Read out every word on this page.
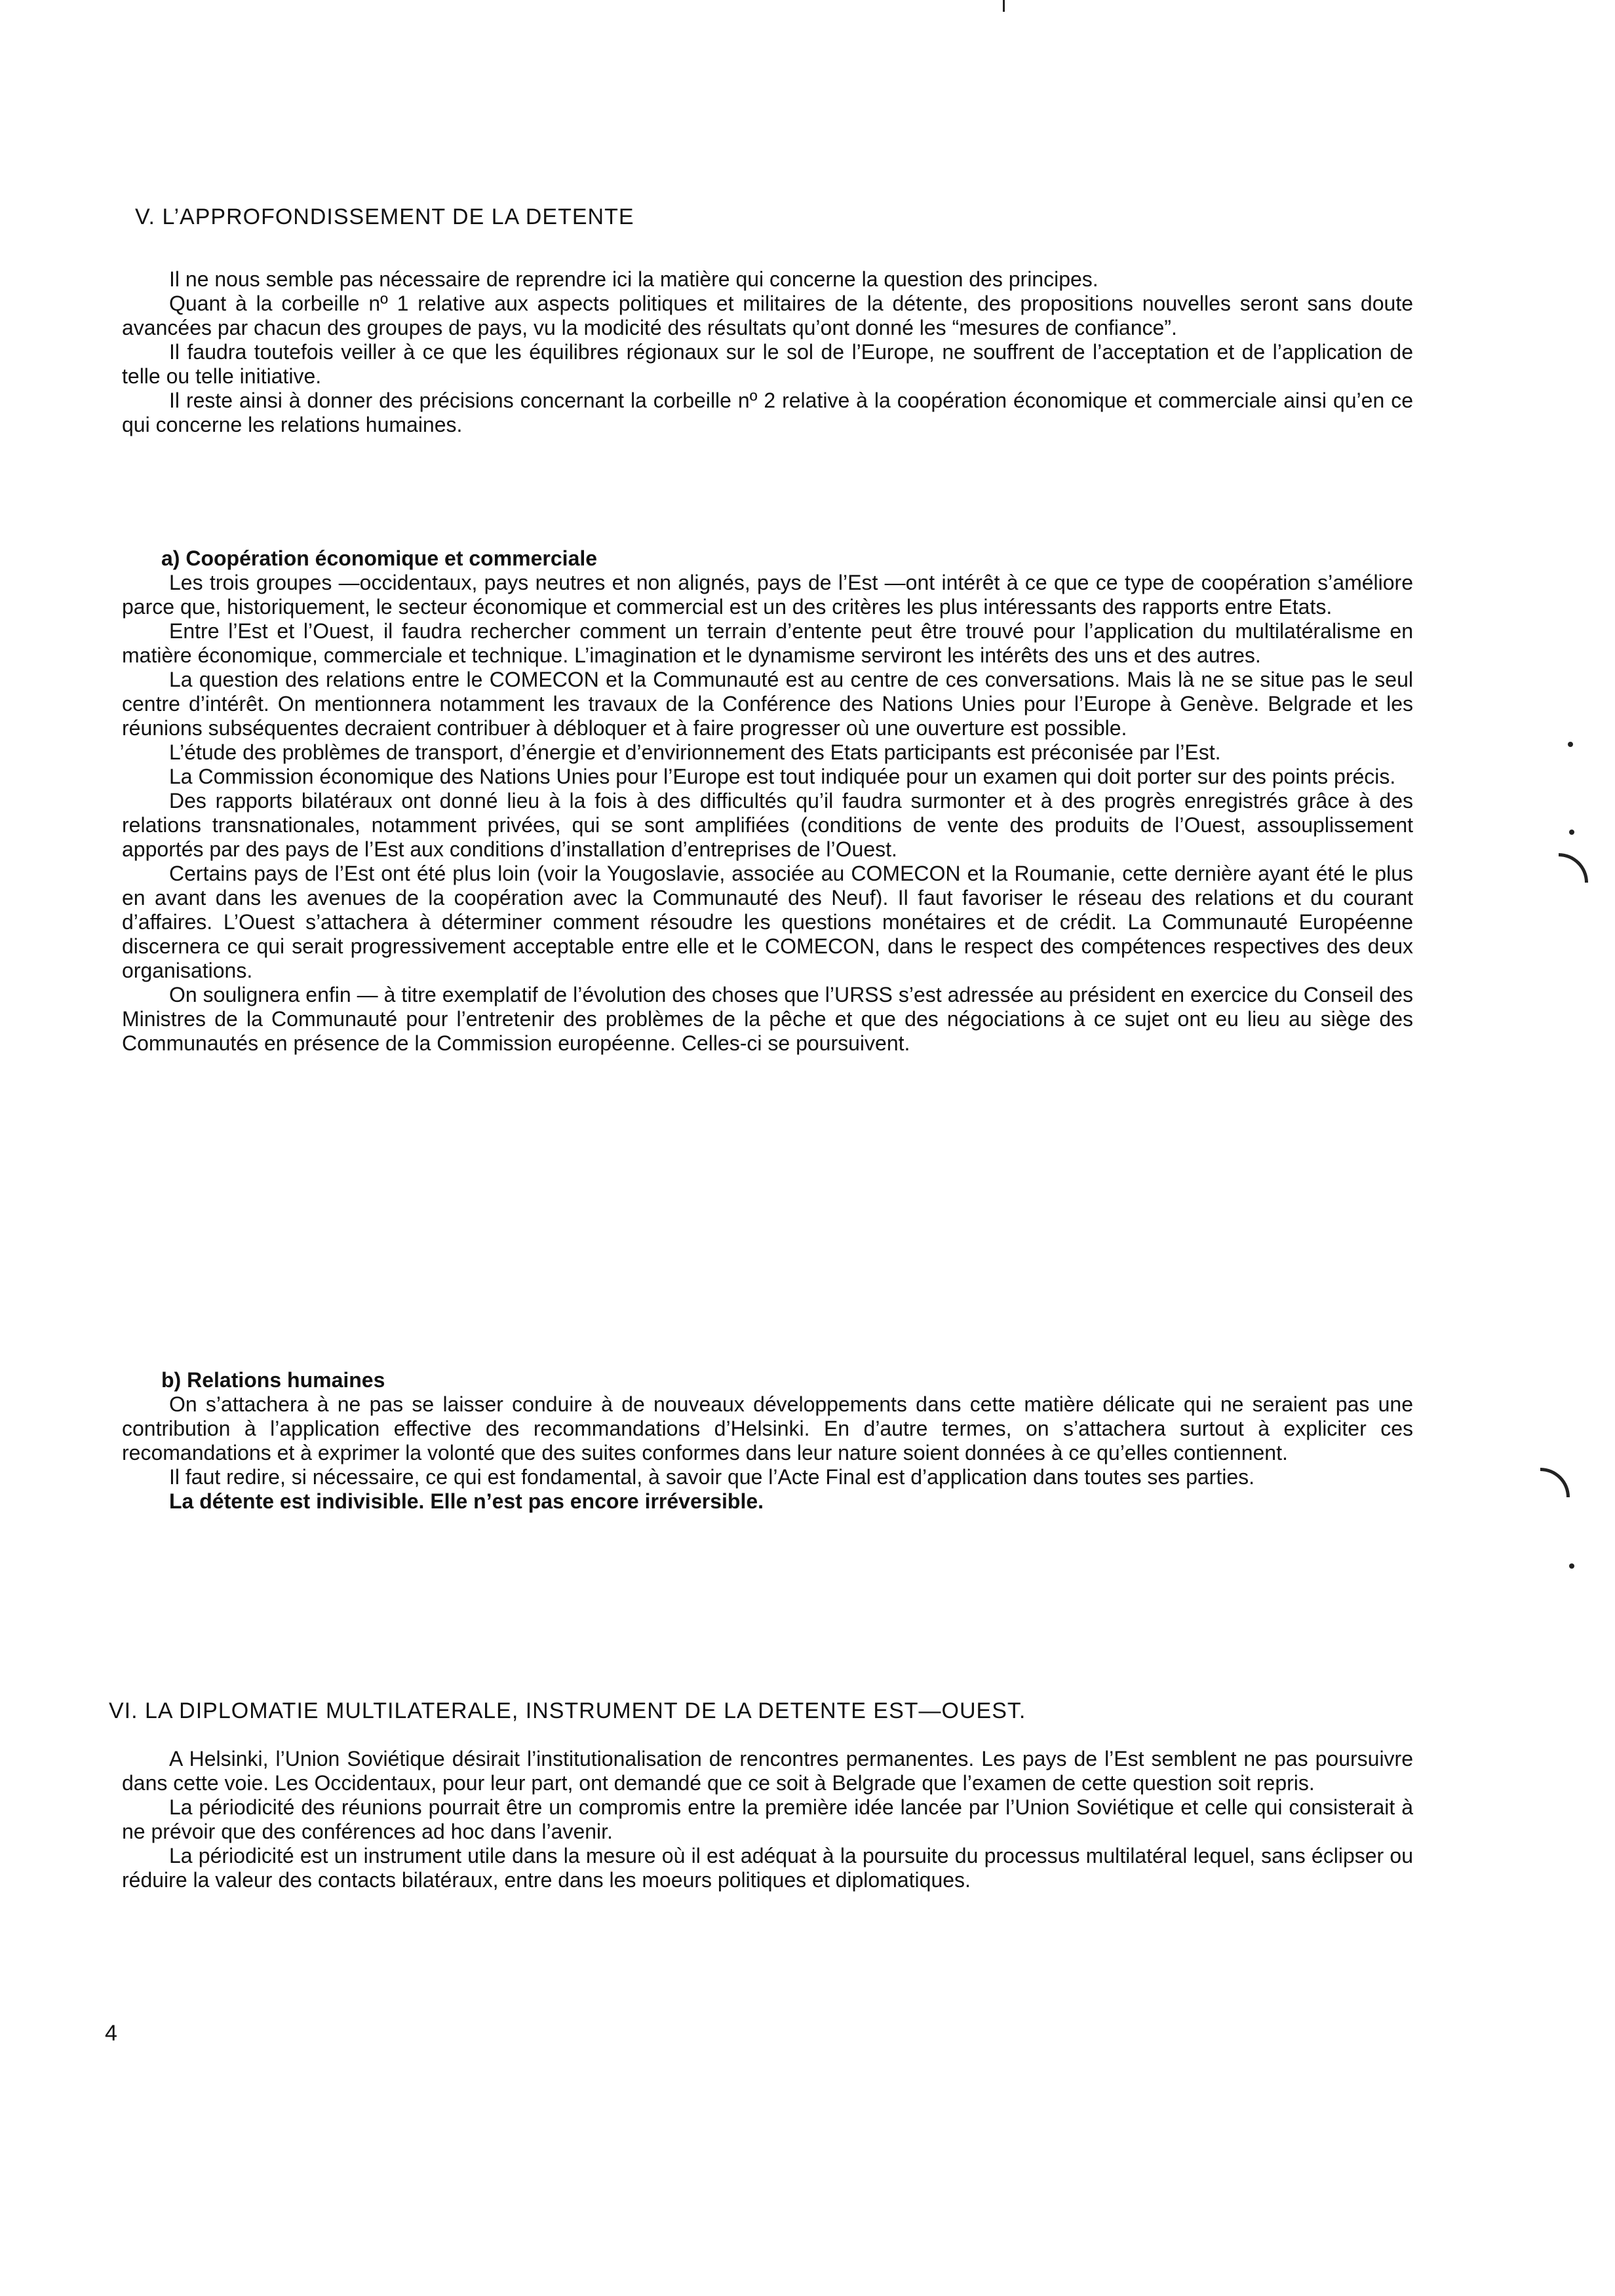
V. L’APPROFONDISSEMENT DE LA DETENTE

Il ne nous semble pas nécessaire de reprendre ici la matière qui concerne la question des principes.

Quant à la corbeille nº 1 relative aux aspects politiques et militaires de la détente, des propositions nouvelles seront sans doute avancées par chacun des groupes de pays, vu la modicité des résultats qu’ont donné les “mesures de confiance”.

Il faudra toutefois veiller à ce que les équilibres régionaux sur le sol de l’Europe, ne souffrent de l’acceptation et de l’application de telle ou telle initiative.

Il reste ainsi à donner des précisions concernant la corbeille nº 2 relative à la coopération économique et commerciale ainsi qu’en ce qui concerne les relations humaines.

a) Coopération économique et commerciale

Les trois groupes —occidentaux, pays neutres et non alignés, pays de l’Est —ont intérêt à ce que ce type de coopération s’améliore parce que, historiquement, le secteur économique et commercial est un des critères les plus intéressants des rapports entre Etats.

Entre l’Est et l’Ouest, il faudra rechercher comment un terrain d’entente peut être trouvé pour l’application du multilatéralisme en matière économique, commerciale et technique. L’imagination et le dynamisme serviront les intérêts des uns et des autres.

La question des relations entre le COMECON et la Communauté est au centre de ces conversations. Mais là ne se situe pas le seul centre d’intérêt. On mentionnera notamment les travaux de la Conférence des Nations Unies pour l’Europe à Genève. Belgrade et les réunions subséquentes decraient contribuer à débloquer et à faire progresser où une ouverture est possible.

L’étude des problèmes de transport, d’énergie et d’envirionnement des Etats participants est préconisée par l’Est.

La Commission économique des Nations Unies pour l’Europe est tout indiquée pour un examen qui doit porter sur des points précis.

Des rapports bilatéraux ont donné lieu à la fois à des difficultés qu’il faudra surmonter et à des progrès enregistrés grâce à des relations transnationales, notamment privées, qui se sont amplifiées (conditions de vente des produits de l’Ouest, assouplissement apportés par des pays de l’Est aux conditions d’installation d’entreprises de l’Ouest.

Certains pays de l’Est ont été plus loin (voir la Yougoslavie, associée au COMECON et la Roumanie, cette dernière ayant été le plus en avant dans les avenues de la coopération avec la Communauté des Neuf). Il faut favoriser le réseau des relations et du courant d’affaires. L’Ouest s’attachera à déterminer comment résoudre les questions monétaires et de crédit. La Communauté Européenne discernera ce qui serait progressivement acceptable entre elle et le COMECON, dans le respect des compétences respectives des deux organisations.

On soulignera enfin — à titre exemplatif de l’évolution des choses que l’URSS s’est adressée au président en exercice du Conseil des Ministres de la Communauté pour l’entretenir des problèmes de la pêche et que des négociations à ce sujet ont eu lieu au siège des Communautés en présence de la Commission européenne. Celles-ci se poursuivent.

b) Relations humaines

On s’attachera à ne pas se laisser conduire à de nouveaux développements dans cette matière délicate qui ne seraient pas une contribution à l’application effective des recommandations d’Helsinki. En d’autre termes, on s’attachera surtout à expliciter ces recomandations et à exprimer la volonté que des suites conformes dans leur nature soient données à ce qu’elles contiennent.

Il faut redire, si nécessaire, ce qui est fondamental, à savoir que l’Acte Final est d’application dans toutes ses parties.

La détente est indivisible. Elle n’est pas encore irréversible.

VI. LA DIPLOMATIE MULTILATERALE, INSTRUMENT DE LA DETENTE EST—OUEST.

A Helsinki, l’Union Soviétique désirait l’institutionalisation de rencontres permanentes. Les pays de l’Est semblent ne pas poursuivre dans cette voie. Les Occidentaux, pour leur part, ont demandé que ce soit à Belgrade que l’examen de cette question soit repris.

La périodicité des réunions pourrait être un compromis entre la première idée lancée par l’Union Soviétique et celle qui consisterait à ne prévoir que des conférences ad hoc dans l’avenir.

La périodicité est un instrument utile dans la mesure où il est adéquat à la poursuite du processus multilatéral lequel, sans éclipser ou réduire la valeur des contacts bilatéraux, entre dans les moeurs politiques et diplomatiques.

4
